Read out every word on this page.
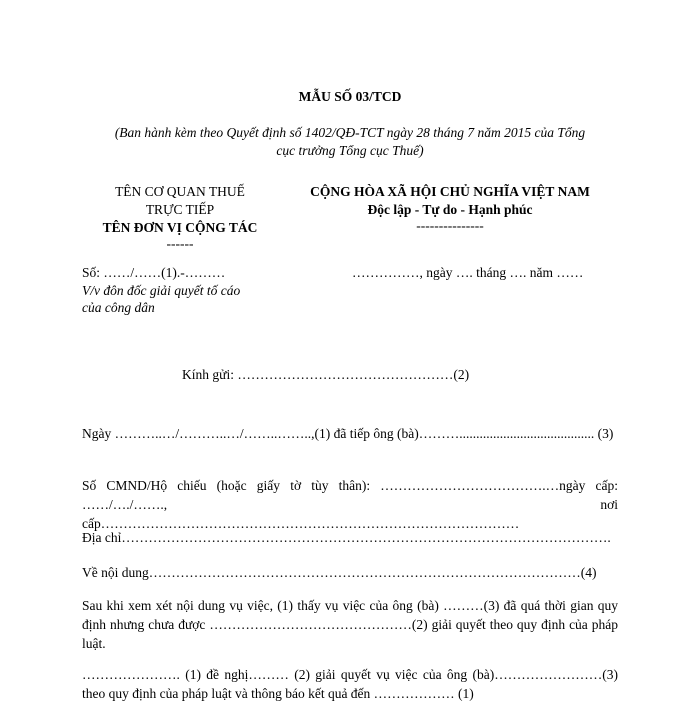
MẪU SỐ 03/TCD
(Ban hành kèm theo Quyết định số 1402/QĐ-TCT ngày 28 tháng 7 năm 2015 của Tổng
cục trưởng Tổng cục Thuế)
TÊN CƠ QUAN THUẾ
TRỰC TIẾP
TÊN ĐƠN VỊ CỘNG TÁC
------
CỘNG HÒA XÃ HỘI CHỦ NGHĨA VIỆT NAM
Độc lập - Tự do - Hạnh phúc
---------------
Số: ……/……(1).-………	……………, ngày …. tháng …. năm ……
V/v đôn đốc giải quyết tố cáo
của công dân
Kính gửi: …………………………………………(2)
Ngày ………..…/………..…/……..……..,(1) đã tiếp ông (bà)………........................................ (3)
Số CMND/Hộ chiếu (hoặc giấy tờ tùy thân): ……………………………….…ngày cấp: ……/…./……., nơi cấp…………………………………………………………………………………
Địa chỉ……………………………………………………………………………………………….
Về nội dung……………………………………………………………………………………(4)
Sau khi xem xét nội dung vụ việc, (1) thấy vụ việc của ông (bà) ………(3) đã quá thời gian quy định nhưng chưa được ………………………………………(2) giải quyết theo quy định của pháp luật.
…………………. (1) đề nghị……… (2) giải quyết vụ việc của ông (bà)……………………(3) theo quy định của pháp luật và thông báo kết quả đến ……………… (1)
